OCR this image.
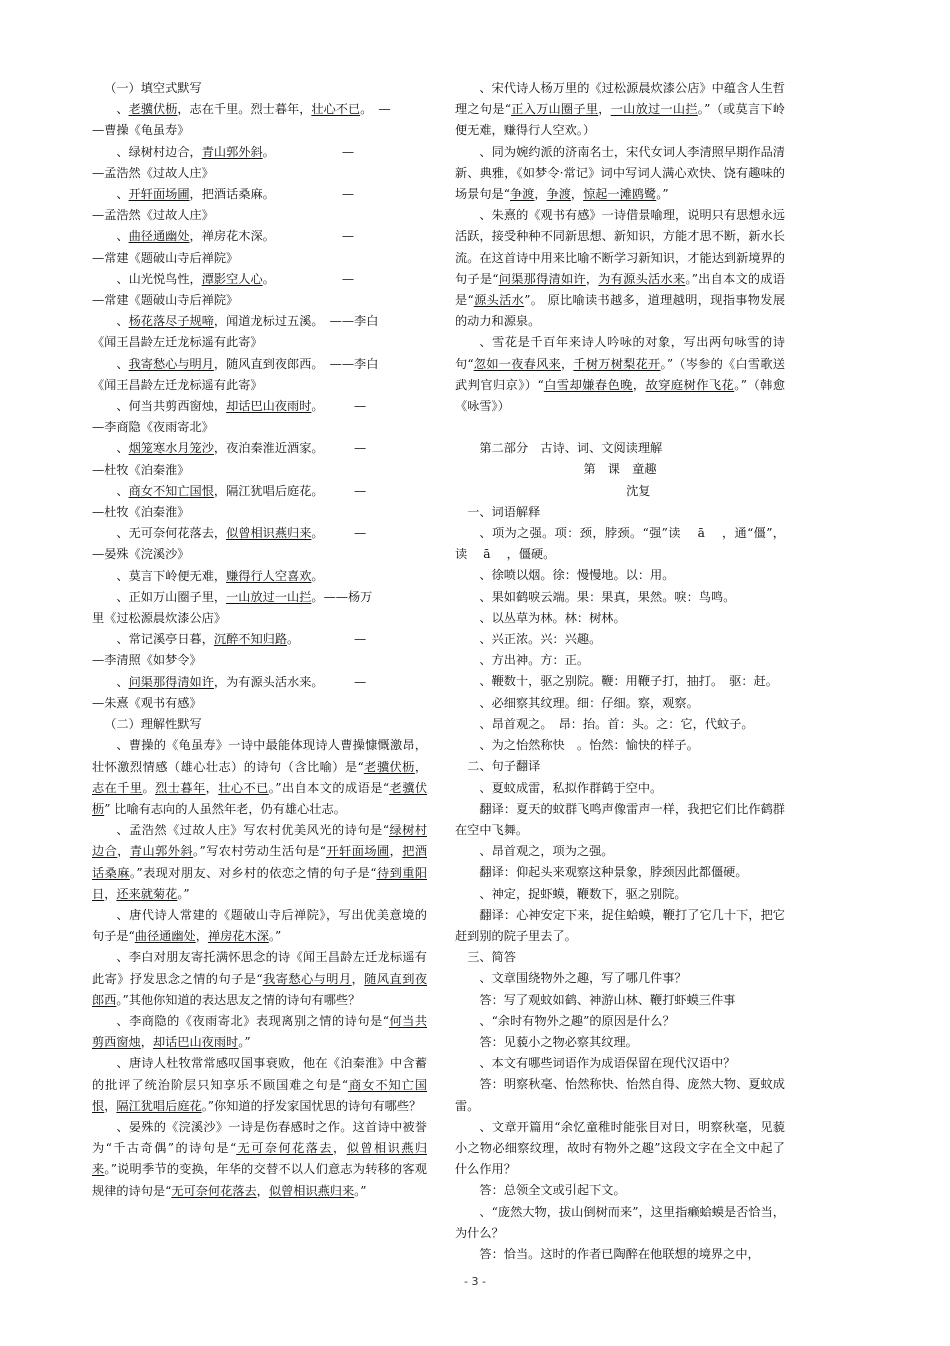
（一）填空式默写

、老骥伏枥，志在千里。烈士暮年，壮心不已。　—

—曹操《龟虽寿》

、绿树村边合，青山郭外斜。　　　　　　—

—孟浩然《过故人庄》

、开轩面场圃，把酒话桑麻。　　　　　　—

—孟浩然《过故人庄》

、曲径通幽处，禅房花木深。　　　　　　—

—常建《题破山寺后禅院》

、山光悦鸟性，潭影空人心。　　　　　　—

—常建《题破山寺后禅院》

、杨花落尽子规啼，闻道龙标过五溪。　——李白

《闻王昌龄左迁龙标遥有此寄》

、我寄愁心与明月，随风直到夜郎西。　——李白

《闻王昌龄左迁龙标遥有此寄》

、何当共剪西窗烛，却话巴山夜雨时。　　　—

—李商隐《夜雨寄北》

、烟笼寒水月笼沙，夜泊秦淮近酒家。　　　—

—杜牧《泊秦淮》

、商女不知亡国恨，隔江犹唱后庭花。　　　—

—杜牧《泊秦淮》

、无可奈何花落去，似曾相识燕归来。　　　—

—晏殊《浣溪沙》

、莫言下岭便无难，赚得行人空喜欢。

、正如万山圈子里，一山放过一山拦。——杨万

里《过松源晨炊漆公店》

、常记溪亭日暮，沉醉不知归路。　　　　　—

—李清照《如梦令》

、问渠那得清如许，为有源头活水来。　　　—

—朱熹《观书有感》

（二）理解性默写

、曹操的《龟虽寿》一诗中最能体现诗人曹操慷慨激昂，壮怀激烈情感（雄心壮志）的诗句（含比喻）是“老骥伏枥，志在千里。烈士暮年，壮心不已。”出自本文的成语是“老骥伏枥” 比喻有志向的人虽然年老，仍有雄心壮志。

、孟浩然《过故人庄》写农村优美风光的诗句是“绿树村边合，青山郭外斜。”写农村劳动生活句是“开轩面场圃，把酒话桑麻。”表现对朋友、对乡村的依恋之情的句子是“待到重阳日，还来就菊花。”

、唐代诗人常建的《题破山寺后禅院》，写出优美意境的句子是“曲径通幽处，禅房花木深。”

、李白对朋友寄托满怀思念的诗《闻王昌龄左迁龙标遥有此寄》抒发思念之情的句子是“我寄愁心与明月，随风直到夜郎西。”其他你知道的表达思友之情的诗句有哪些？

、李商隐的《夜雨寄北》表现离别之情的诗句是“何当共剪西窗烛，却话巴山夜雨时。”

、唐诗人杜牧常常感叹国事衰败，他在《泊秦淮》中含蓄的批评了统治阶层只知享乐不顾国难之句是“商女不知亡国恨，隔江犹唱后庭花。”你知道的抒发家国忧思的诗句有哪些？

、晏殊的《浣溪沙》一诗是伤春感时之作。这首诗中被誉为“千古奇偶”的诗句是“无可奈何花落去，似曾相识燕归来。”说明季节的变换，年华的交替不以人们意志为转移的客观规律的诗句是“无可奈何花落去，似曾相识燕归来。”

、宋代诗人杨万里的《过松源晨炊漆公店》中蕴含人生哲理之句是“正入万山圈子里，一山放过一山拦。”（或莫言下岭便无难，赚得行人空欢。）

、同为婉约派的济南名士，宋代女词人李清照早期作品清新、典雅，《如梦令·常记》词中写词人满心欢快、饶有趣味的场景句是“争渡，争渡，惊起一滩鸥鹭。”

、朱熹的《观书有感》一诗借景喻理，说明只有思想永远活跃，接受种种不同新思想、新知识，方能才思不断，新水长流。在这首诗中用来比喻不断学习新知识，才能达到新境界的句子是“问渠那得清如许，为有源头活水来。”出自本文的成语是“源头活水”。 原比喻读书越多，道理越明，现指事物发展的动力和源泉。

、雪花是千百年来诗人吟咏的对象，写出两句咏雪的诗句“忽如一夜春风来，千树万树梨花开。”（岑参的《白雪歌送武判官归京》）“白雪却嫌春色晚，故穿庭树作飞花。”（韩愈　《咏雪》）

第二部分　古诗、词、文阅读理解

第　课　童趣

　　　沈复

一、词语解释

、项为之强。项：颈，脖颈。“强”读　 ā　 ，通“僵”，读　 ā　 ，僵硬。

、徐喷以烟。徐：慢慢地。以：用。

、果如鹤唳云端。果：果真，果然。唳：鸟鸣。

、以丛草为林。林：树林。

、兴正浓。兴：兴趣。

、方出神。方：正。

、鞭数十，驱之别院。鞭：用鞭子打，抽打。　驱：赶。

、必细察其纹理。细：仔细。察，观察。

、昂首观之。　昂：抬。首：头。之：它，代蚊子。

、为之怡然称快　。怡然：愉快的样子。

二、句子翻译

、夏蚊成雷，私拟作群鹤于空中。

翻译：夏天的蚊群飞鸣声像雷声一样，我把它们比作鹤群在空中飞舞。

、昂首观之，项为之强。

翻译：仰起头来观察这种景象，脖颈因此都僵硬。

、神定，捉虾蟆，鞭数下，驱之别院。

翻译：心神安定下来，捉住蛤蟆，鞭打了它几十下，把它赶到别的院子里去了。

三、简答

、文章围绕物外之趣，写了哪几件事？

答：写了观蚊如鹤、神游山林、鞭打虾蟆三件事

、“余时有物外之趣”的原因是什么？

答：见藐小之物必察其纹理。

、本文有哪些词语作为成语保留在现代汉语中？

答：明察秋毫、怡然称快、怡然自得、庞然大物、夏蚊成雷。

、文章开篇用“余忆童稚时能张目对日，明察秋毫，见藐小之物必细察纹理，故时有物外之趣”这段文字在全文中起了什么作用？

答：总领全文或引起下文。

、“庞然大物，拔山倒树而来”，这里指癞蛤蟆是否恰当，为什么？

答：恰当。这时的作者已陶醉在他联想的境界之中，

- 3 -
